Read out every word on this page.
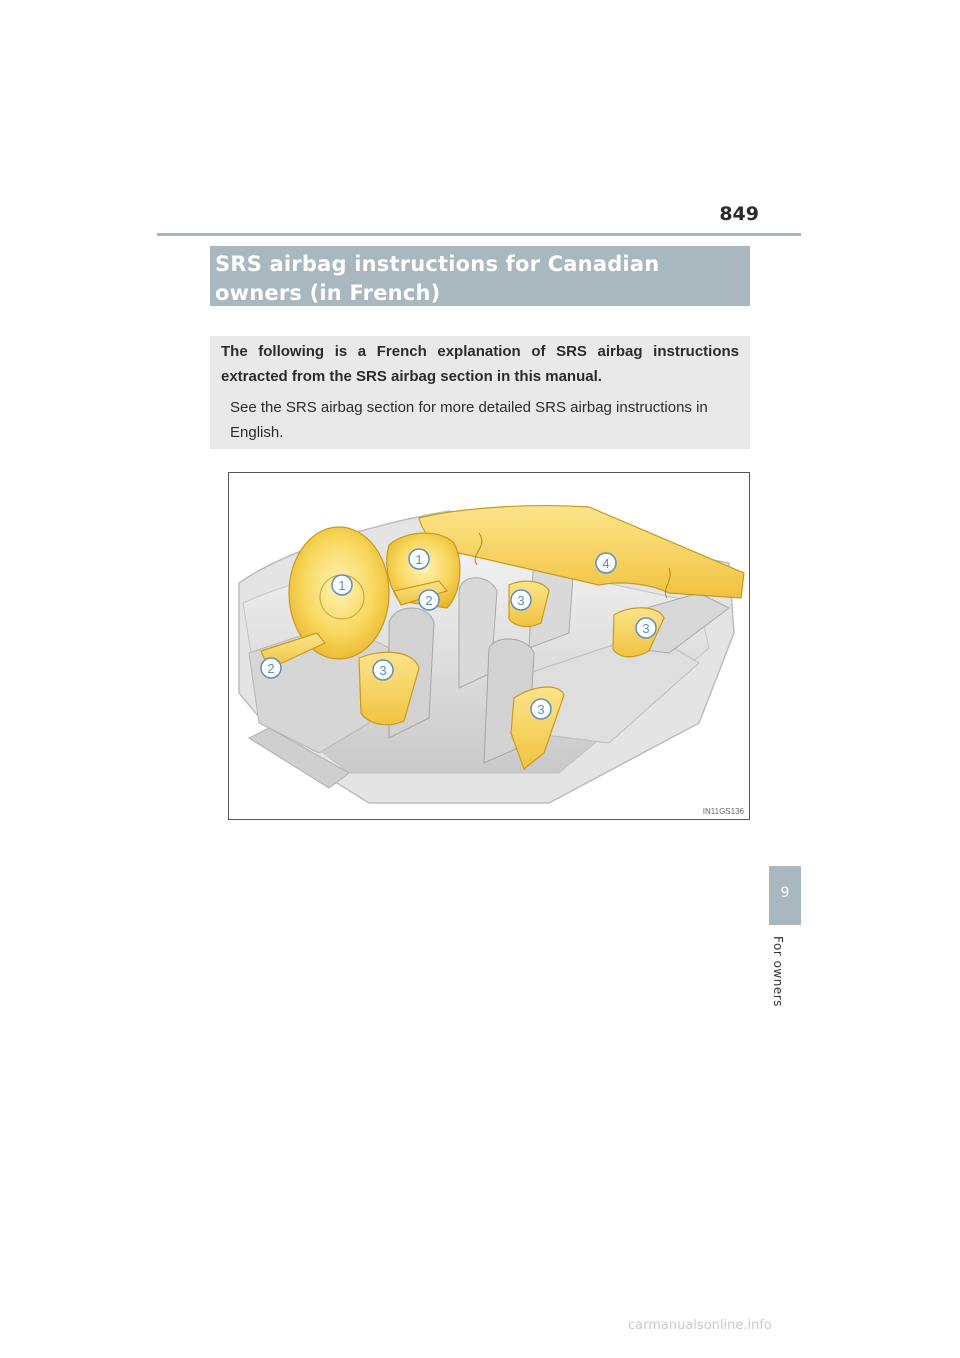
849
SRS airbag instructions for Canadian owners (in French)

The following is a French explanation of SRS airbag instructions extracted from the SRS airbag section in this manual.

See the SRS airbag section for more detailed SRS airbag instructions in English.

1
1
2
2
3
3
3
3
4
IN11GS136
9
For owners
carmanualsonline.info
